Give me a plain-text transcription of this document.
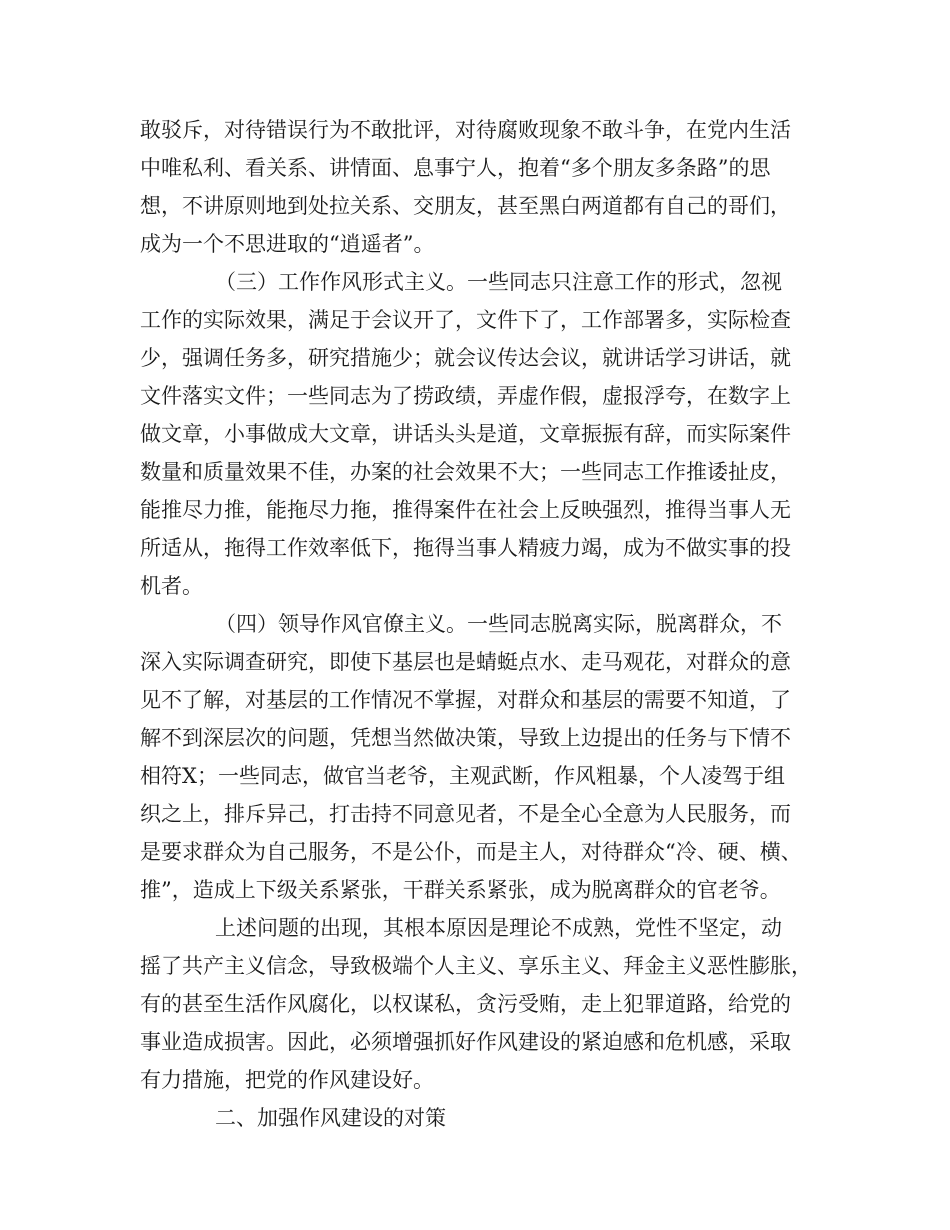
敢驳斥，对待错误行为不敢批评，对待腐败现象不敢斗争，在党内生活
中唯私利、看关系、讲情面、息事宁人，抱着“多个朋友多条路”的思
想，不讲原则地到处拉关系、交朋友，甚至黑白两道都有自己的哥们，
成为一个不思进取的“逍遥者”。
（三）工作作风形式主义。一些同志只注意工作的形式，忽视
工作的实际效果，满足于会议开了，文件下了，工作部署多，实际检查
少，强调任务多，研究措施少；就会议传达会议，就讲话学习讲话，就
文件落实文件；一些同志为了捞政绩，弄虚作假，虚报浮夸，在数字上
做文章，小事做成大文章，讲话头头是道，文章振振有辞，而实际案件
数量和质量效果不佳，办案的社会效果不大；一些同志工作推诿扯皮，
能推尽力推，能拖尽力拖，推得案件在社会上反映强烈，推得当事人无
所适从，拖得工作效率低下，拖得当事人精疲力竭，成为不做实事的投
机者。
（四）领导作风官僚主义。一些同志脱离实际，脱离群众，不
深入实际调查研究，即使下基层也是蜻蜓点水、走马观花，对群众的意
见不了解，对基层的工作情况不掌握，对群众和基层的需要不知道，了
解不到深层次的问题，凭想当然做决策，导致上边提出的任务与下情不
相符X；一些同志，做官当老爷，主观武断，作风粗暴，个人凌驾于组
织之上，排斥异己，打击持不同意见者，不是全心全意为人民服务，而
是要求群众为自己服务，不是公仆，而是主人，对待群众“冷、硬、横、
推”，造成上下级关系紧张，干群关系紧张，成为脱离群众的官老爷。
上述问题的出现，其根本原因是理论不成熟，党性不坚定，动
摇了共产主义信念，导致极端个人主义、享乐主义、拜金主义恶性膨胀，
有的甚至生活作风腐化，以权谋私，贪污受贿，走上犯罪道路，给党的
事业造成损害。因此，必须增强抓好作风建设的紧迫感和危机感，采取
有力措施，把党的作风建设好。
二、加强作风建设的对策
